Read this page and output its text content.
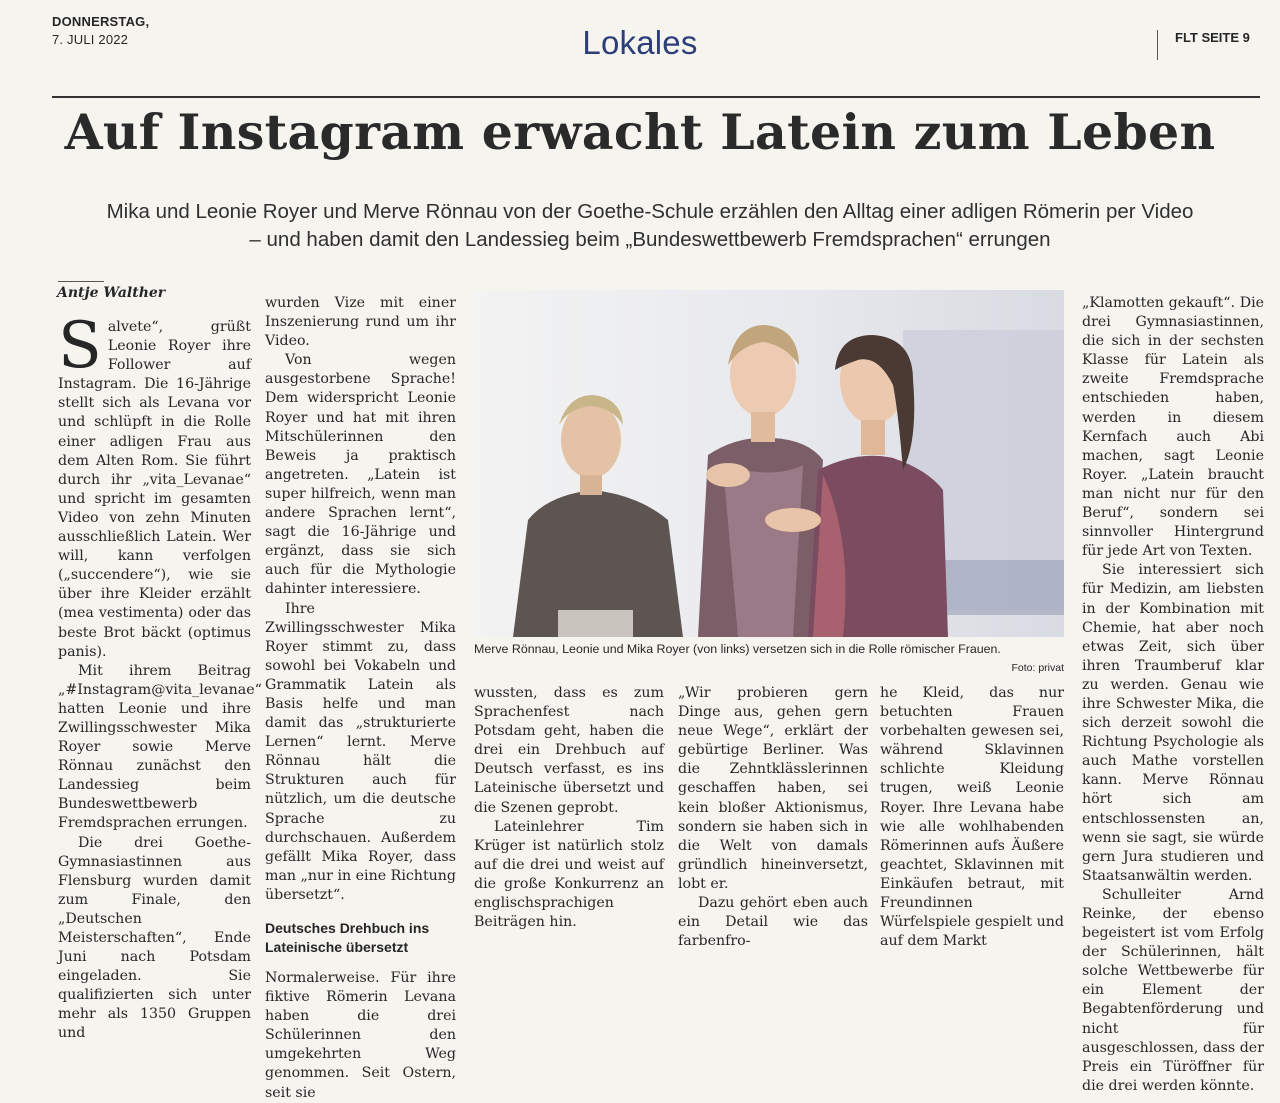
DONNERSTAG,
7. JULI 2022	Lokales	FLT SEITE 9
Auf Instagram erwacht Latein zum Leben
Mika und Leonie Royer und Merve Rönnau von der Goethe-Schule erzählen den Alltag einer adligen Römerin per Video
– und haben damit den Landessieg beim „Bundeswettbewerb Fremdsprachen“ errungen
Antje Walther

Salvete“, grüßt Leonie Royer ihre Follower auf Instagram. Die 16-Jährige stellt sich als Levana vor und schlüpft in die Rolle einer adligen Frau aus dem Alten Rom. Sie führt durch ihr „vita_Levanae“ und spricht im gesamten Video von zehn Minuten ausschließlich Latein. Wer will, kann verfolgen („succendere“), wie sie über ihre Kleider erzählt (mea vestimenta) oder das beste Brot bäckt (optimus panis).

Mit ihrem Beitrag „#Instagram@vita_levanae“ hatten Leonie und ihre Zwillingsschwester Mika Royer sowie Merve Rönnau zunächst den Landessieg beim Bundeswettbewerb Fremdsprachen errungen.

Die drei Goethe-Gymnasiastinnen aus Flensburg wurden damit zum Finale, den „Deutschen Meisterschaften“, Ende Juni nach Potsdam eingeladen. Sie qualifizierten sich unter mehr als 1350 Gruppen und

wurden Vize mit einer Inszenierung rund um ihr Video.

Von wegen ausgestorbene Sprache! Dem widerspricht Leonie Royer und hat mit ihren Mitschülerinnen den Beweis ja praktisch angetreten. „Latein ist super hilfreich, wenn man andere Sprachen lernt“, sagt die 16-Jährige und ergänzt, dass sie sich auch für die Mythologie dahinter interessiere.

Ihre Zwillingsschwester Mika Royer stimmt zu, dass sowohl bei Vokabeln und Grammatik Latein als Basis helfe und man damit das „strukturierte Lernen“ lernt. Merve Rönnau hält die Strukturen auch für nützlich, um die deutsche Sprache zu durchschauen. Außerdem gefällt Mika Royer, dass man „nur in eine Richtung übersetzt“.

Deutsches Drehbuch ins Lateinische übersetzt

Normalerweise. Für ihre fiktive Römerin Levana haben die drei Schülerinnen den umgekehrten Weg genommen. Seit Ostern, seit sie

Merve Rönnau, Leonie und Mika Royer (von links) versetzen sich in die Rolle römischer Frauen.
Foto: privat

wussten, dass es zum Sprachenfest nach Potsdam geht, haben die drei ein Drehbuch auf Deutsch verfasst, es ins Lateinische übersetzt und die Szenen geprobt.

Lateinlehrer Tim Krüger ist natürlich stolz auf die drei und weist auf die große Konkurrenz an englischsprachigen Beiträgen hin.

„Wir probieren gern Dinge aus, gehen gern neue Wege“, erklärt der gebürtige Berliner. Was die Zehntklässlerinnen geschaffen haben, sei kein bloßer Aktionismus, sondern sie haben sich in die Welt von damals gründlich hineinversetzt, lobt er.

Dazu gehört eben auch ein Detail wie das farbenfro-

he Kleid, das nur betuchten Frauen vorbehalten gewesen sei, während Sklavinnen schlichte Kleidung trugen, weiß Leonie Royer. Ihre Levana habe wie alle wohlhabenden Römerinnen aufs Äußere geachtet, Sklavinnen mit Einkäufen betraut, mit Freundinnen Würfelspiele gespielt und auf dem Markt

„Klamotten gekauft“. Die drei Gymnasiastinnen, die sich in der sechsten Klasse für Latein als zweite Fremdsprache entschieden haben, werden in diesem Kernfach auch Abi machen, sagt Leonie Royer. „Latein braucht man nicht nur für den Beruf“, sondern sei sinnvoller Hintergrund für jede Art von Texten.

Sie interessiert sich für Medizin, am liebsten in der Kombination mit Chemie, hat aber noch etwas Zeit, sich über ihren Traumberuf klar zu werden. Genau wie ihre Schwester Mika, die sich derzeit sowohl die Richtung Psychologie als auch Mathe vorstellen kann. Merve Rönnau hört sich am entschlossensten an, wenn sie sagt, sie würde gern Jura studieren und Staatsanwältin werden.

Schulleiter Arnd Reinke, der ebenso begeistert ist vom Erfolg der Schülerinnen, hält solche Wettbewerbe für ein Element der Begabtenförderung und nicht für ausgeschlossen, dass der Preis ein Türöffner für die drei werden könnte.
